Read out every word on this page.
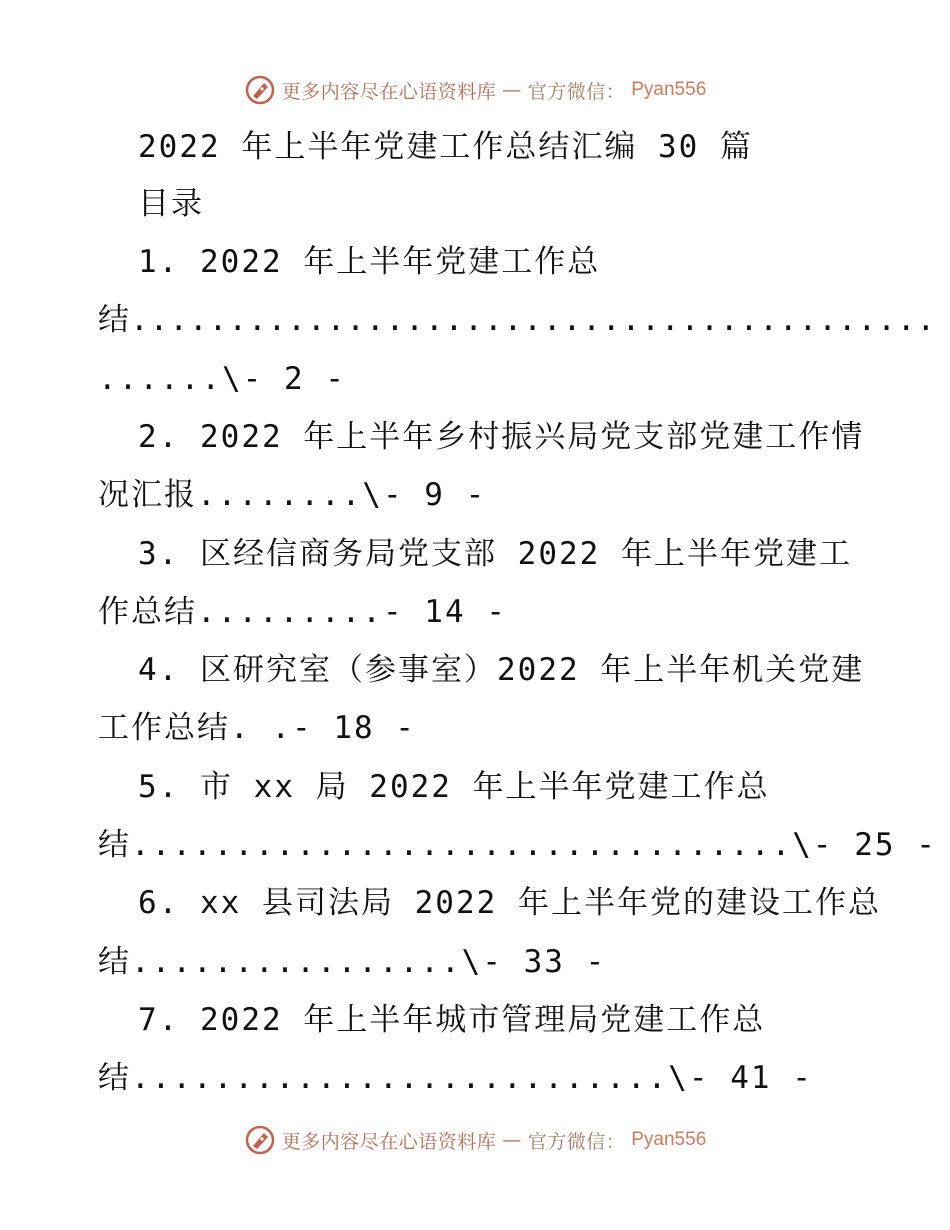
更多内容尽在心语资料库 — 官方微信： Pyan556
2022 年上半年党建工作总结汇编 30 篇
目录
1. 2022 年上半年党建工作总
结.........................................
......\- 2 -
2. 2022 年上半年乡村振兴局党支部党建工作情
况汇报........\- 9 -
3. 区经信商务局党支部 2022 年上半年党建工
作总结.........- 14 -
4. 区研究室（参事室）2022 年上半年机关党建
工作总结. .- 18 -
5. 市 xx 局 2022 年上半年党建工作总
结................................\- 25 -
6. xx 县司法局 2022 年上半年党的建设工作总
结................\- 33 -
7. 2022 年上半年城市管理局党建工作总
结..........................\- 41 -
更多内容尽在心语资料库 — 官方微信： Pyan556
